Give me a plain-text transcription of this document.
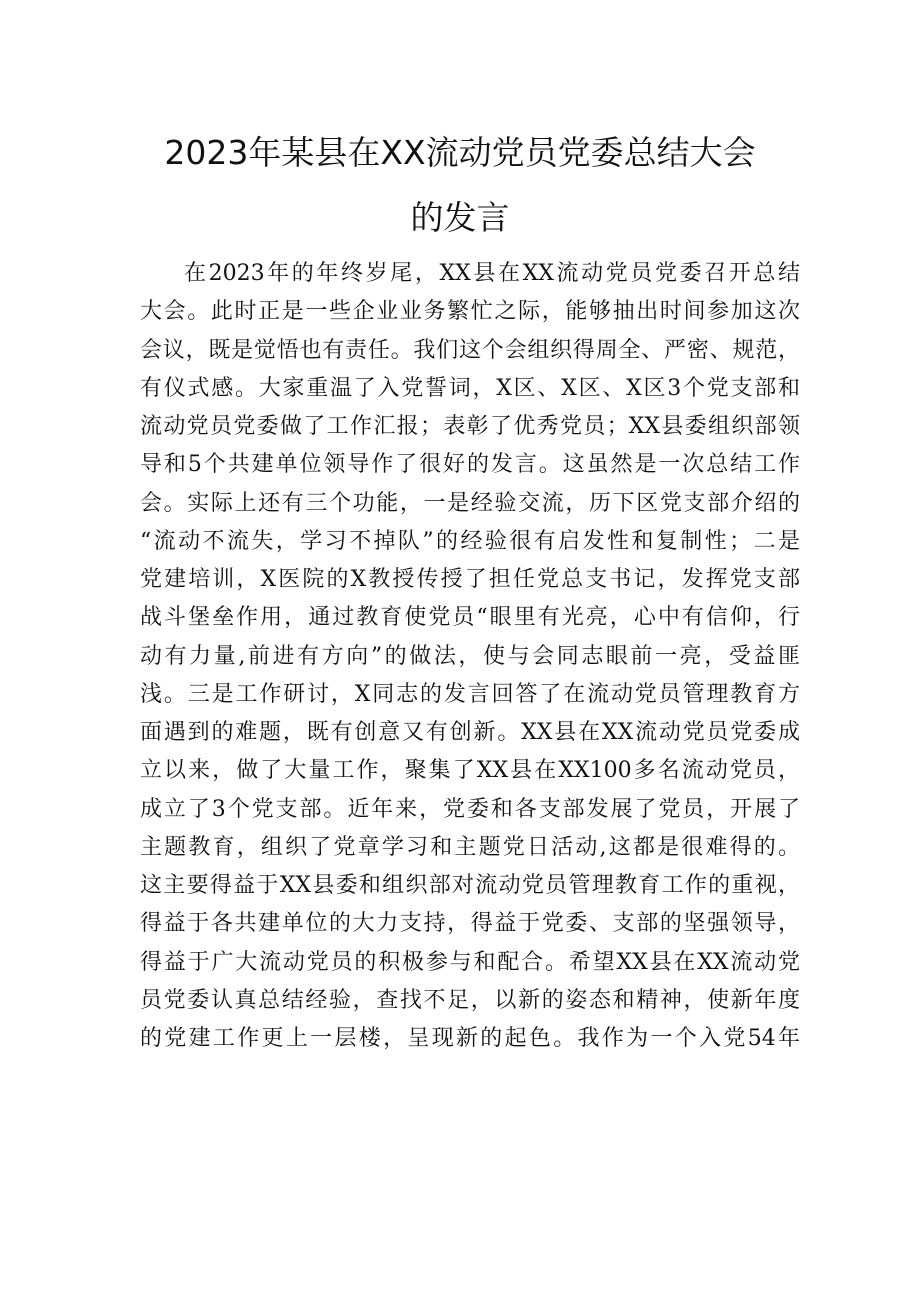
2023年某县在XX流动党员党委总结大会
的发言
在2023年的年终岁尾，XX县在XX流动党员党委召开总结
大会。此时正是一些企业业务繁忙之际，能够抽出时间参加这次
会议，既是觉悟也有责任。我们这个会组织得周全、严密、规范，
有仪式感。大家重温了入党誓词，X区、X区、X区3个党支部和
流动党员党委做了工作汇报；表彰了优秀党员；XX县委组织部领
导和5个共建单位领导作了很好的发言。这虽然是一次总结工作
会。实际上还有三个功能，一是经验交流，历下区党支部介绍的
“流动不流失，学习不掉队”的经验很有启发性和复制性；二是
党建培训，X医院的X教授传授了担任党总支书记，发挥党支部
战斗堡垒作用，通过教育使党员“眼里有光亮，心中有信仰，行
动有力量,前进有方向”的做法，使与会同志眼前一亮，受益匪
浅。三是工作研讨，X同志的发言回答了在流动党员管理教育方
面遇到的难题，既有创意又有创新。XX县在XX流动党员党委成
立以来，做了大量工作，聚集了XX县在XX100多名流动党员，
成立了3个党支部。近年来，党委和各支部发展了党员，开展了
主题教育，组织了党章学习和主题党日活动,这都是很难得的。
这主要得益于XX县委和组织部对流动党员管理教育工作的重视，
得益于各共建单位的大力支持，得益于党委、支部的坚强领导，
得益于广大流动党员的积极参与和配合。希望XX县在XX流动党
员党委认真总结经验，查找不足，以新的姿态和精神，使新年度
的党建工作更上一层楼，呈现新的起色。我作为一个入党54年
